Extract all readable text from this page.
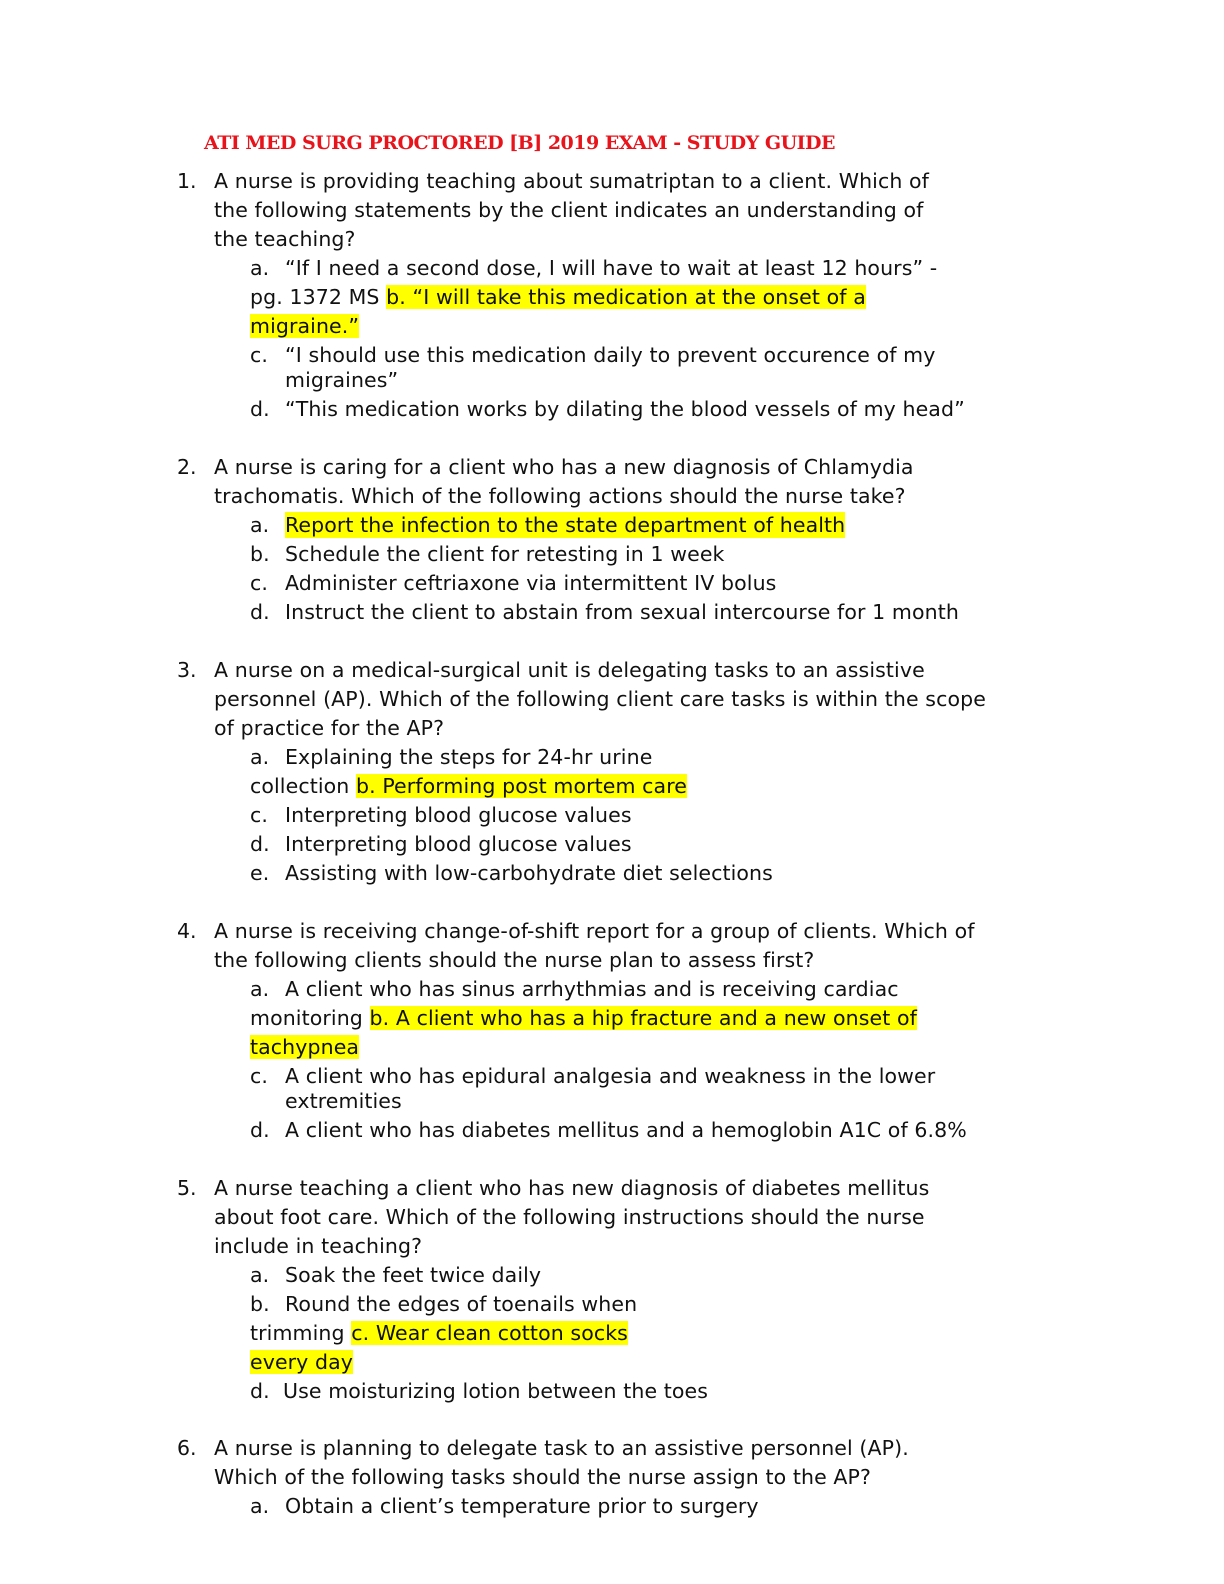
ATI MED SURG PROCTORED [B] 2019 EXAM - STUDY GUIDE
1. A nurse is providing teaching about sumatriptan to a client. Which of
the following statements by the client indicates an understanding of
the teaching?
a. “If I need a second dose, I will have to wait at least 12 hours” -
pg. 1372 MS b. “I will take this medication at the onset of a
migraine.”
c. “I should use this medication daily to prevent occurence of my
migraines”
d. “This medication works by dilating the blood vessels of my head”
2. A nurse is caring for a client who has a new diagnosis of Chlamydia
trachomatis. Which of the following actions should the nurse take?
a. Report the infection to the state department of health
b. Schedule the client for retesting in 1 week
c. Administer ceftriaxone via intermittent IV bolus
d. Instruct the client to abstain from sexual intercourse for 1 month
3. A nurse on a medical-surgical unit is delegating tasks to an assistive
personnel (AP). Which of the following client care tasks is within the scope
of practice for the AP?
a. Explaining the steps for 24-hr urine
collection b. Performing post mortem care
c. Interpreting blood glucose values
d. Interpreting blood glucose values
e. Assisting with low-carbohydrate diet selections
4. A nurse is receiving change-of-shift report for a group of clients. Which of
the following clients should the nurse plan to assess first?
a. A client who has sinus arrhythmias and is receiving cardiac
monitoring b. A client who has a hip fracture and a new onset of
tachypnea
c. A client who has epidural analgesia and weakness in the lower
extremities
d. A client who has diabetes mellitus and a hemoglobin A1C of 6.8%
5. A nurse teaching a client who has new diagnosis of diabetes mellitus
about foot care. Which of the following instructions should the nurse
include in teaching?
a. Soak the feet twice daily
b. Round the edges of toenails when
trimming c. Wear clean cotton socks
every day
d. Use moisturizing lotion between the toes
6. A nurse is planning to delegate task to an assistive personnel (AP).
Which of the following tasks should the nurse assign to the AP?
a. Obtain a client’s temperature prior to surgery
